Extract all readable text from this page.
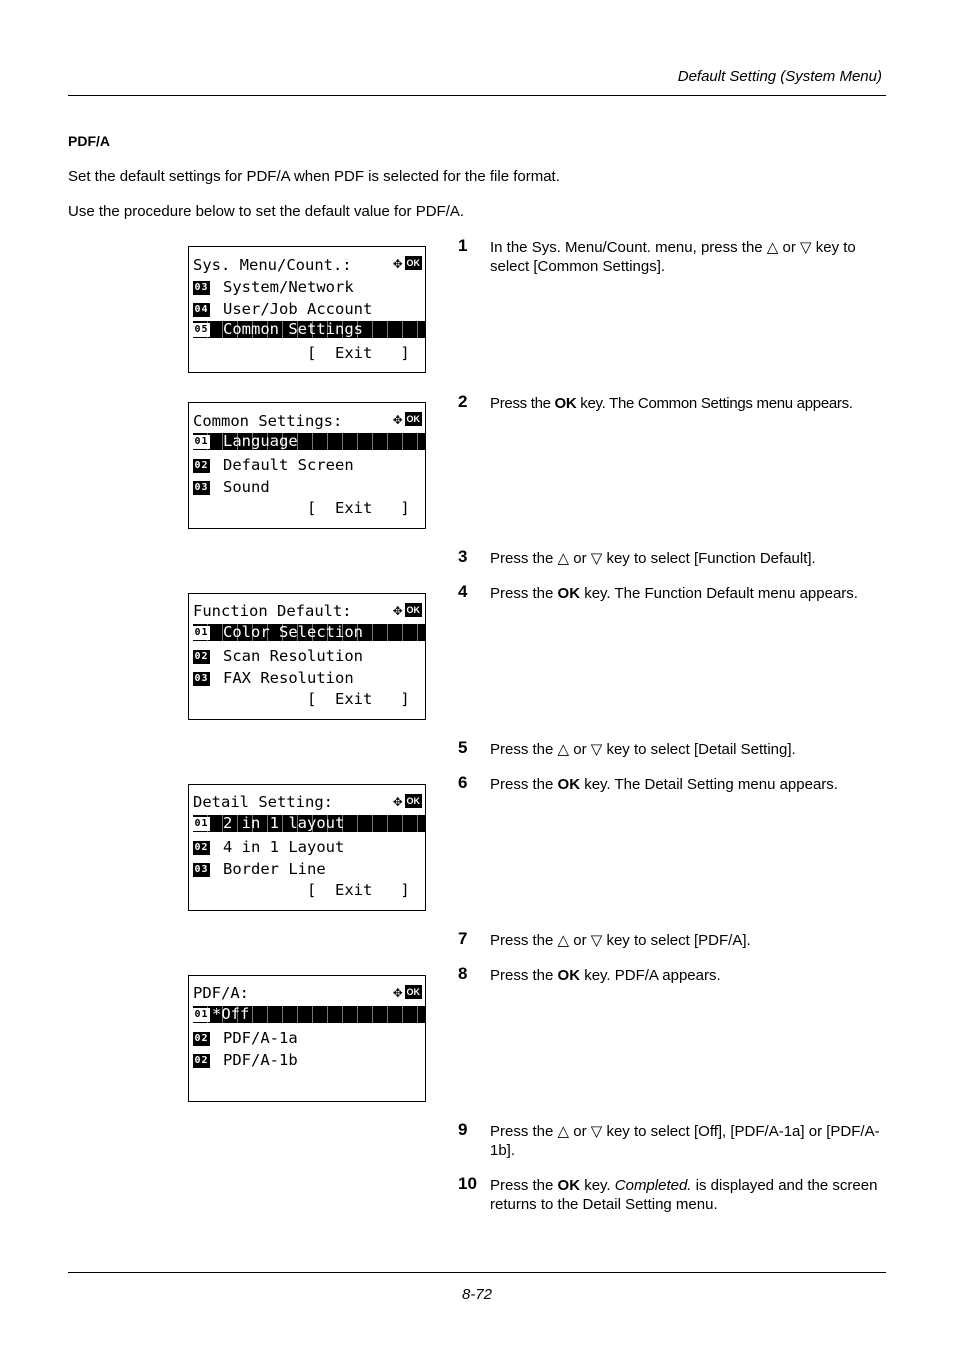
Default Setting (System Menu)
PDF/A
Set the default settings for PDF/A when PDF is selected for the file format.
Use the procedure below to set the default value for PDF/A.
Sys. Menu/Count.:	✥ OK
03 System/Network
04 User/Job Account
05 Common Settings
[  Exit   ]
Common Settings:	✥ OK
01 Language
02 Default Screen
03 Sound
[  Exit   ]
Function Default:	✥ OK
01 Color Selection
02 Scan Resolution
03 FAX Resolution
[  Exit   ]
Detail Setting:	✥ OK
01 2 in 1 layout
02 4 in 1 Layout
03 Border Line
[  Exit   ]
PDF/A:	✥ OK
01 *Off
02 PDF/A-1a
02 PDF/A-1b
1 In the Sys. Menu/Count. menu, press the △ or ▽ key to select [Common Settings].
2 Press the OK key. The Common Settings menu appears.
3 Press the △ or ▽ key to select [Function Default].
4 Press the OK key. The Function Default menu appears.
5 Press the △ or ▽ key to select [Detail Setting].
6 Press the OK key. The Detail Setting menu appears.
7 Press the △ or ▽ key to select [PDF/A].
8 Press the OK key. PDF/A appears.
9 Press the △ or ▽ key to select [Off], [PDF/A-1a] or [PDF/A-1b].
10 Press the OK key. Completed. is displayed and the screen returns to the Detail Setting menu.
8-72
